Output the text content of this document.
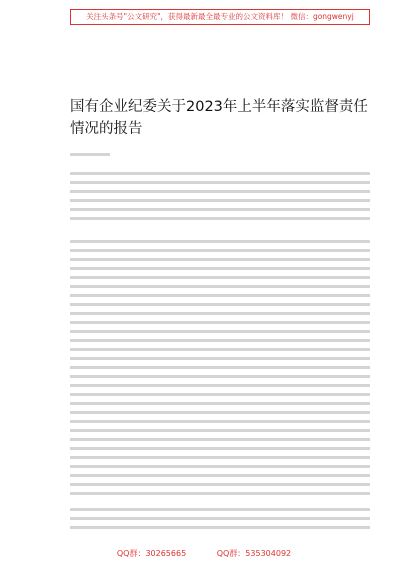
关注头条号"公文研究"，获得最新最全最专业的公文资料库！ 微信：gongwenyj
国有企业纪委关于2023年上半年落实监督责任情况的报告
QQ群：30265665	QQ群：535304092
